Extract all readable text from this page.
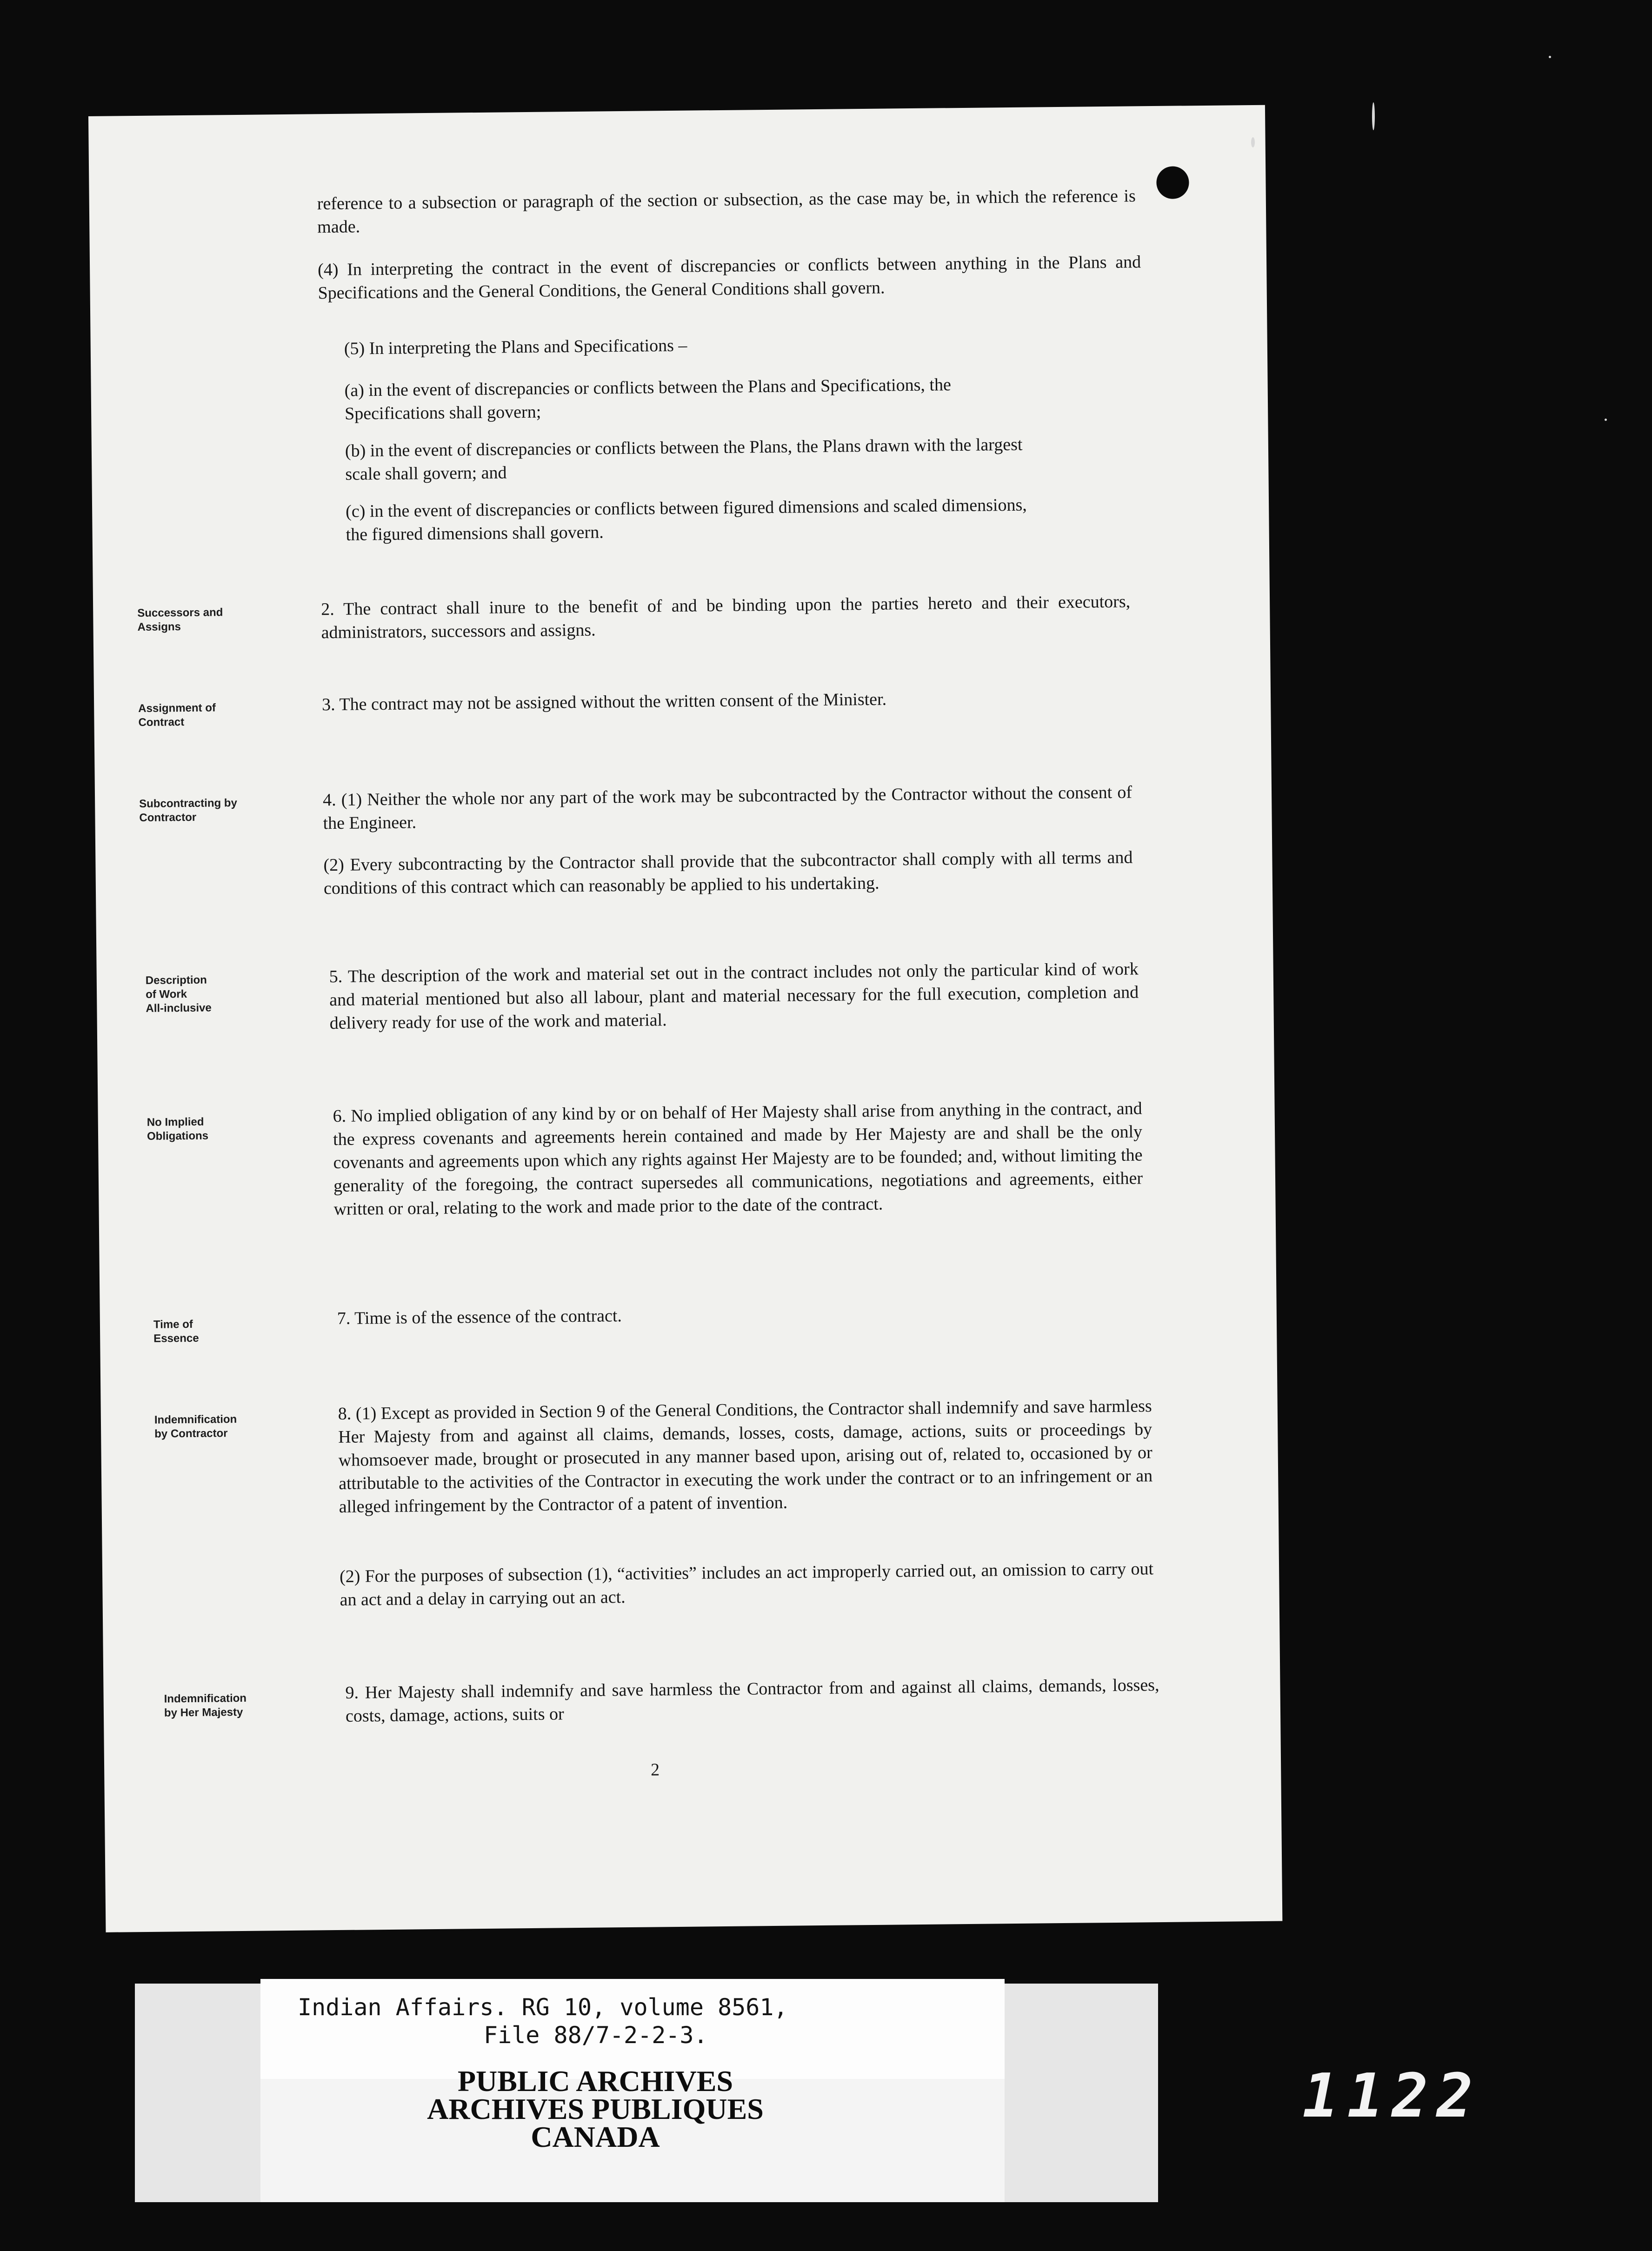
reference to a subsection or paragraph of the section or subsection, as the case may be, in which the reference is made.

(4) In interpreting the contract in the event of discrepancies or conflicts between anything in the Plans and Specifications and the General Conditions, the General Conditions shall govern.

(5) In interpreting the Plans and Specifications –

(a) in the event of discrepancies or conflicts between the Plans and Specifications, the Specifications shall govern;

(b) in the event of discrepancies or conflicts between the Plans, the Plans drawn with the largest scale shall govern; and

(c) in the event of discrepancies or conflicts between figured dimensions and scaled dimensions, the figured dimensions shall govern.

Successors and
Assigns

2. The contract shall inure to the benefit of and be binding upon the parties hereto and their executors, administrators, successors and assigns.

Assignment of
Contract

3. The contract may not be assigned without the written consent of the Minister.

Subcontracting by
Contractor

4. (1) Neither the whole nor any part of the work may be subcontracted by the Contractor without the consent of the Engineer.

(2) Every subcontracting by the Contractor shall provide that the subcontractor shall comply with all terms and conditions of this contract which can reasonably be applied to his undertaking.

Description
of Work
All-inclusive

5. The description of the work and material set out in the contract includes not only the particular kind of work and material mentioned but also all labour, plant and material necessary for the full execution, completion and delivery ready for use of the work and material.

No Implied
Obligations

6. No implied obligation of any kind by or on behalf of Her Majesty shall arise from anything in the contract, and the express covenants and agreements herein contained and made by Her Majesty are and shall be the only covenants and agreements upon which any rights against Her Majesty are to be founded; and, without limiting the generality of the foregoing, the contract supersedes all communications, negotiations and agreements, either written or oral, relating to the work and made prior to the date of the contract.

Time of
Essence

7. Time is of the essence of the contract.

Indemnification
by Contractor

8. (1) Except as provided in Section 9 of the General Conditions, the Contractor shall indemnify and save harmless Her Majesty from and against all claims, demands, losses, costs, damage, actions, suits or proceedings by whomsoever made, brought or prosecuted in any manner based upon, arising out of, related to, occasioned by or attributable to the activities of the Contractor in executing the work under the contract or to an infringement or an alleged infringement by the Contractor of a patent of invention.

(2) For the purposes of subsection (1), “activities” includes an act improperly carried out, an omission to carry out an act and a delay in carrying out an act.

Indemnification
by Her Majesty

9. Her Majesty shall indemnify and save harmless the Contractor from and against all claims, demands, losses, costs, damage, actions, suits or

2

Indian Affairs. RG 10, volume 8561,

File 88/7-2-2-3.

PUBLIC ARCHIVES
ARCHIVES PUBLIQUES
CANADA
1122
